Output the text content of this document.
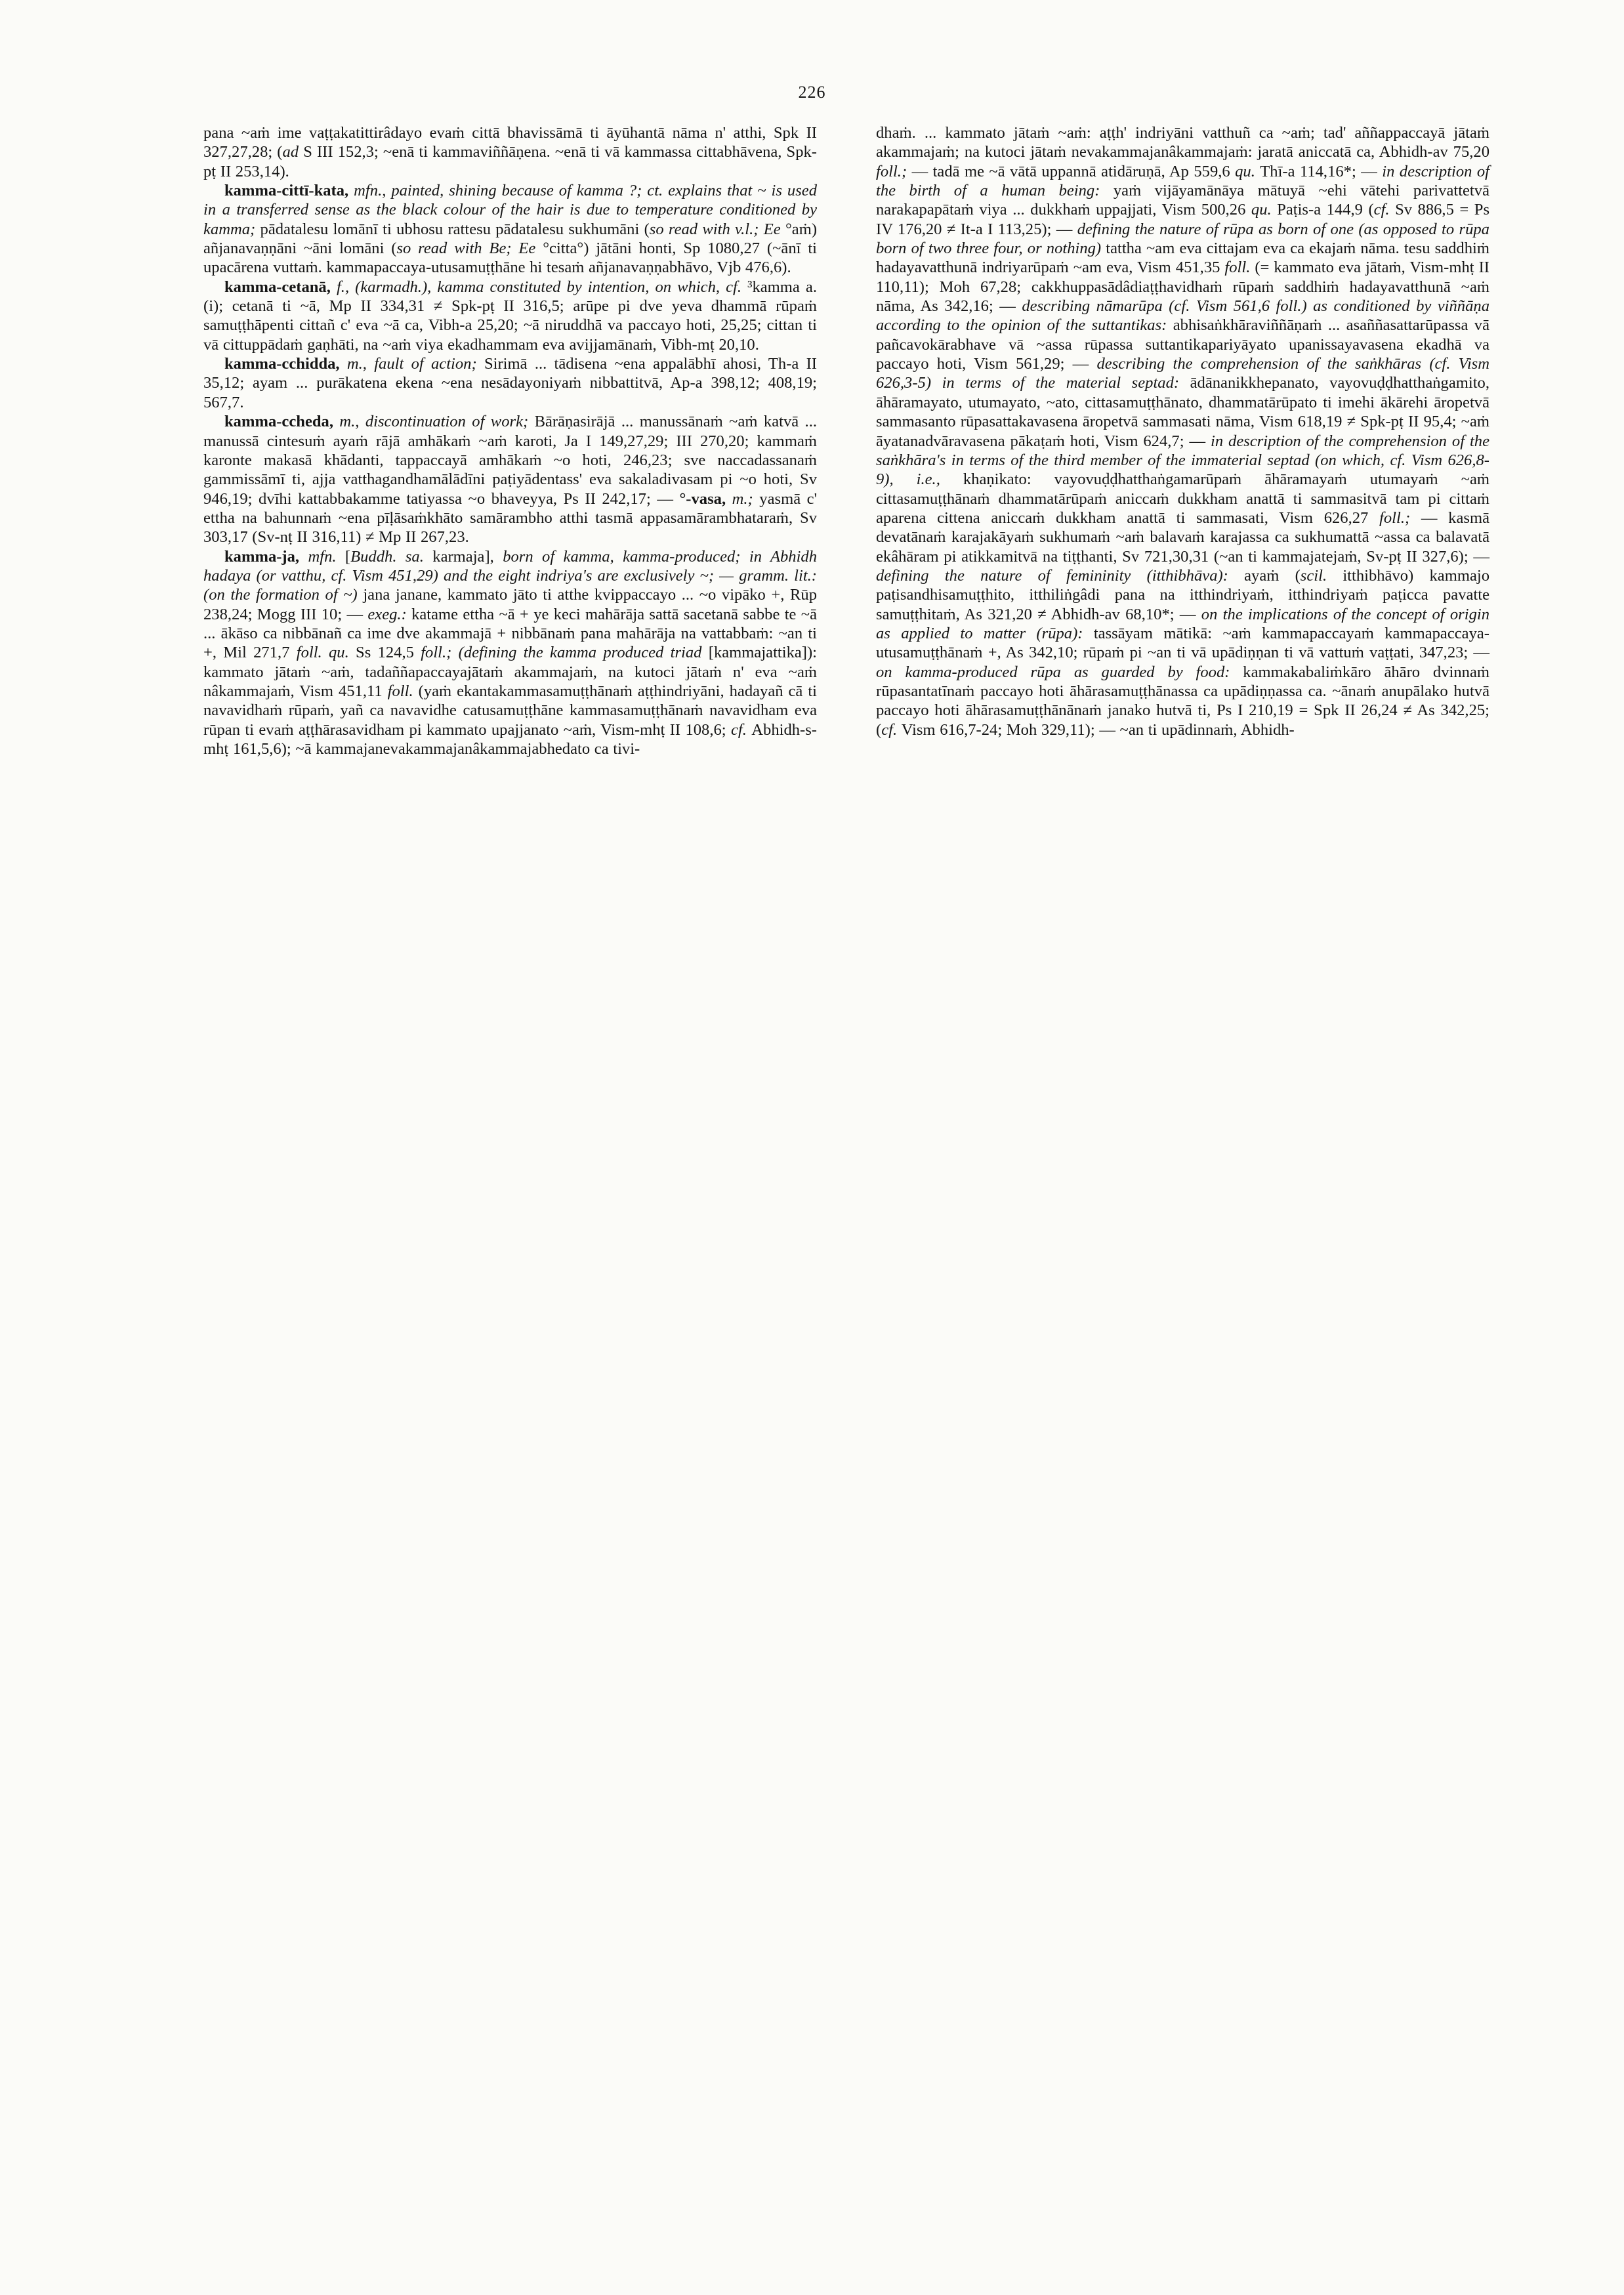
226

pana ~aṁ ime vaṭṭakatittirâdayo evaṁ cittā bhavissāmā ti āyūhantā nāma n' atthi, Spk II 327,27,28; (ad S III 152,3; ~enā ti kammaviññāṇena. ~enā ti vā kammassa cittabhāvena, Spk-pṭ II 253,14).

kamma-cittī-kata, mfn., painted, shining because of kamma ?; ct. explains that ~ is used in a transferred sense as the black colour of the hair is due to temperature conditioned by kamma; pādatalesu lomānī ti ubhosu rattesu pādatalesu sukhumāni (so read with v.l.; Ee °aṁ) añjanavaṇṇāni ~āni lomāni (so read with Be; Ee °citta°) jātāni honti, Sp 1080,27 (~ānī ti upacārena vuttaṁ. kammapaccaya-utusamuṭṭhāne hi tesaṁ añjanavaṇṇabhāvo, Vjb 476,6).

kamma-cetanā, f., (karmadh.), kamma constituted by intention, on which, cf. ³kamma a.(i); cetanā ti ~ā, Mp II 334,31 ≠ Spk-pṭ II 316,5; arūpe pi dve yeva dhammā rūpaṁ samuṭṭhāpenti cittañ c' eva ~ā ca, Vibh-a 25,20; ~ā niruddhā va paccayo hoti, 25,25; cittan ti vā cittuppādaṁ gaṇhāti, na ~aṁ viya ekadhammam eva avijjamānaṁ, Vibh-mṭ 20,10.

kamma-cchidda, m., fault of action; Sirimā ... tādisena ~ena appalābhī ahosi, Th-a II 35,12; ayam ... purākatena ekena ~ena nesādayoniyaṁ nibbattitvā, Ap-a 398,12; 408,19; 567,7.

kamma-ccheda, m., discontinuation of work; Bārāṇasirājā ... manussānaṁ ~aṁ katvā ... manussā cintesuṁ ayaṁ rājā amhākaṁ ~aṁ karoti, Ja I 149,27,29; III 270,20; kammaṁ karonte makasā khādanti, tappaccayā amhākaṁ ~o hoti, 246,23; sve naccadassanaṁ gammissāmī ti, ajja vatthagandhamālādīni paṭiyādentass' eva sakaladivasam pi ~o hoti, Sv 946,19; dvīhi kattabbakamme tatiyassa ~o bhaveyya, Ps II 242,17; — °-vasa, m.; yasmā c' ettha na bahunnaṁ ~ena pīḷāsaṁkhāto samārambho atthi tasmā appasamārambhataraṁ, Sv 303,17 (Sv-nṭ II 316,11) ≠ Mp II 267,23.

kamma-ja, mfn. [Buddh. sa. karmaja], born of kamma, kamma-produced; in Abhidh hadaya (or vatthu, cf. Vism 451,29) and the eight indriya's are exclusively ~; — gramm. lit.: (on the formation of ~) jana janane, kammato jāto ti atthe kvippaccayo ... ~o vipāko +, Rūp 238,24; Mogg III 10; — exeg.: katame ettha ~ā + ye keci mahārāja sattā sacetanā sabbe te ~ā ... ākāso ca nibbānañ ca ime dve akammajā + nibbānaṁ pana mahārāja na vattabbaṁ: ~an ti +, Mil 271,7 foll. qu. Ss 124,5 foll.; (defining the kamma produced triad [kammajattika]): kammato jātaṁ ~aṁ, tadaññapaccayajātaṁ akammajaṁ, na kutoci jātaṁ n' eva ~aṁ nâkammajaṁ, Vism 451,11 foll. (yaṁ ekantakammasamuṭṭhānaṁ aṭṭhindriyāni, hadayañ cā ti navavidhaṁ rūpaṁ, yañ ca navavidhe catusamuṭṭhāne kammasamuṭṭhānaṁ navavidham eva rūpan ti evaṁ aṭṭhārasavidham pi kammato upajjanato ~aṁ, Vism-mhṭ II 108,6; cf. Abhidh-s-mhṭ 161,5,6); ~ā kammajanevakammajanâkammajabhedato ca tivi-

dhaṁ. ... kammato jātaṁ ~aṁ: aṭṭh' indriyāni vatthuñ ca ~aṁ; tad' aññappaccayā jātaṁ akammajaṁ; na kutoci jātaṁ nevakammajanâkammajaṁ: jaratā aniccatā ca, Abhidh-av 75,20 foll.; — tadā me ~ā vātā uppannā atidāruṇā, Ap 559,6 qu. Thī-a 114,16*; — in description of the birth of a human being: yaṁ vijāyamānāya mātuyā ~ehi vātehi parivattetvā narakapapātaṁ viya ... dukkhaṁ uppajjati, Vism 500,26 qu. Paṭis-a 144,9 (cf. Sv 886,5 = Ps IV 176,20 ≠ It-a I 113,25); — defining the nature of rūpa as born of one (as opposed to rūpa born of two three four, or nothing) tattha ~am eva cittajam eva ca ekajaṁ nāma. tesu saddhiṁ hadayavatthunā indriyarūpaṁ ~am eva, Vism 451,35 foll. (= kammato eva jātaṁ, Vism-mhṭ II 110,11); Moh 67,28; cakkhuppasādâdiaṭṭhavidhaṁ rūpaṁ saddhiṁ hadayavatthunā ~aṁ nāma, As 342,16; — describing nāmarūpa (cf. Vism 561,6 foll.) as conditioned by viññāṇa according to the opinion of the suttantikas: abhisaṅkhāraviññāṇaṁ ... asaññasattarūpassa vā pañcavokārabhave vā ~assa rūpassa suttantikapariyāyato upanissayavasena ekadhā va paccayo hoti, Vism 561,29; — describing the comprehension of the saṅkhāras (cf. Vism 626,3-5) in terms of the material septad: ādānanikkhepanato, vayovuḍḍhatthaṅgamito, āhāramayato, utumayato, ~ato, cittasamuṭṭhānato, dhammatārūpato ti imehi ākārehi āropetvā sammasanto rūpasattakavasena āropetvā sammasati nāma, Vism 618,19 ≠ Spk-pṭ II 95,4; ~aṁ āyatanadvāravasena pākaṭaṁ hoti, Vism 624,7; — in description of the comprehension of the saṅkhāra's in terms of the third member of the immaterial septad (on which, cf. Vism 626,8-9), i.e., khaṇikato: vayovuḍḍhatthaṅgamarūpaṁ āhāramayaṁ utumayaṁ ~aṁ cittasamuṭṭhānaṁ dhammatārūpaṁ aniccaṁ dukkham anattā ti sammasitvā tam pi cittaṁ aparena cittena aniccaṁ dukkham anattā ti sammasati, Vism 626,27 foll.; — kasmā devatānaṁ karajakāyaṁ sukhumaṁ ~aṁ balavaṁ karajassa ca sukhumattā ~assa ca balavatā ekâhāram pi atikkamitvā na tiṭṭhanti, Sv 721,30,31 (~an ti kammajatejaṁ, Sv-pṭ II 327,6); — defining the nature of femininity (itthibhāva): ayaṁ (scil. itthibhāvo) kammajo paṭisandhisamuṭṭhito, itthiliṅgâdi pana na itthindriyaṁ, itthindriyaṁ paṭicca pavatte samuṭṭhitaṁ, As 321,20 ≠ Abhidh-av 68,10*; — on the implications of the concept of origin as applied to matter (rūpa): tassāyam mātikā: ~aṁ kammapaccayaṁ kammapaccaya-utusamuṭṭhānaṁ +, As 342,10; rūpaṁ pi ~an ti vā upādiṇṇan ti vā vattuṁ vaṭṭati, 347,23; — on kamma-produced rūpa as guarded by food: kammakabaliṁkāro āhāro dvinnaṁ rūpasantatīnaṁ paccayo hoti āhārasamuṭṭhānassa ca upādiṇṇassa ca. ~ānaṁ anupālako hutvā paccayo hoti āhārasamuṭṭhānānaṁ janako hutvā ti, Ps I 210,19 = Spk II 26,24 ≠ As 342,25; (cf. Vism 616,7-24; Moh 329,11); — ~an ti upādinnaṁ, Abhidh-
